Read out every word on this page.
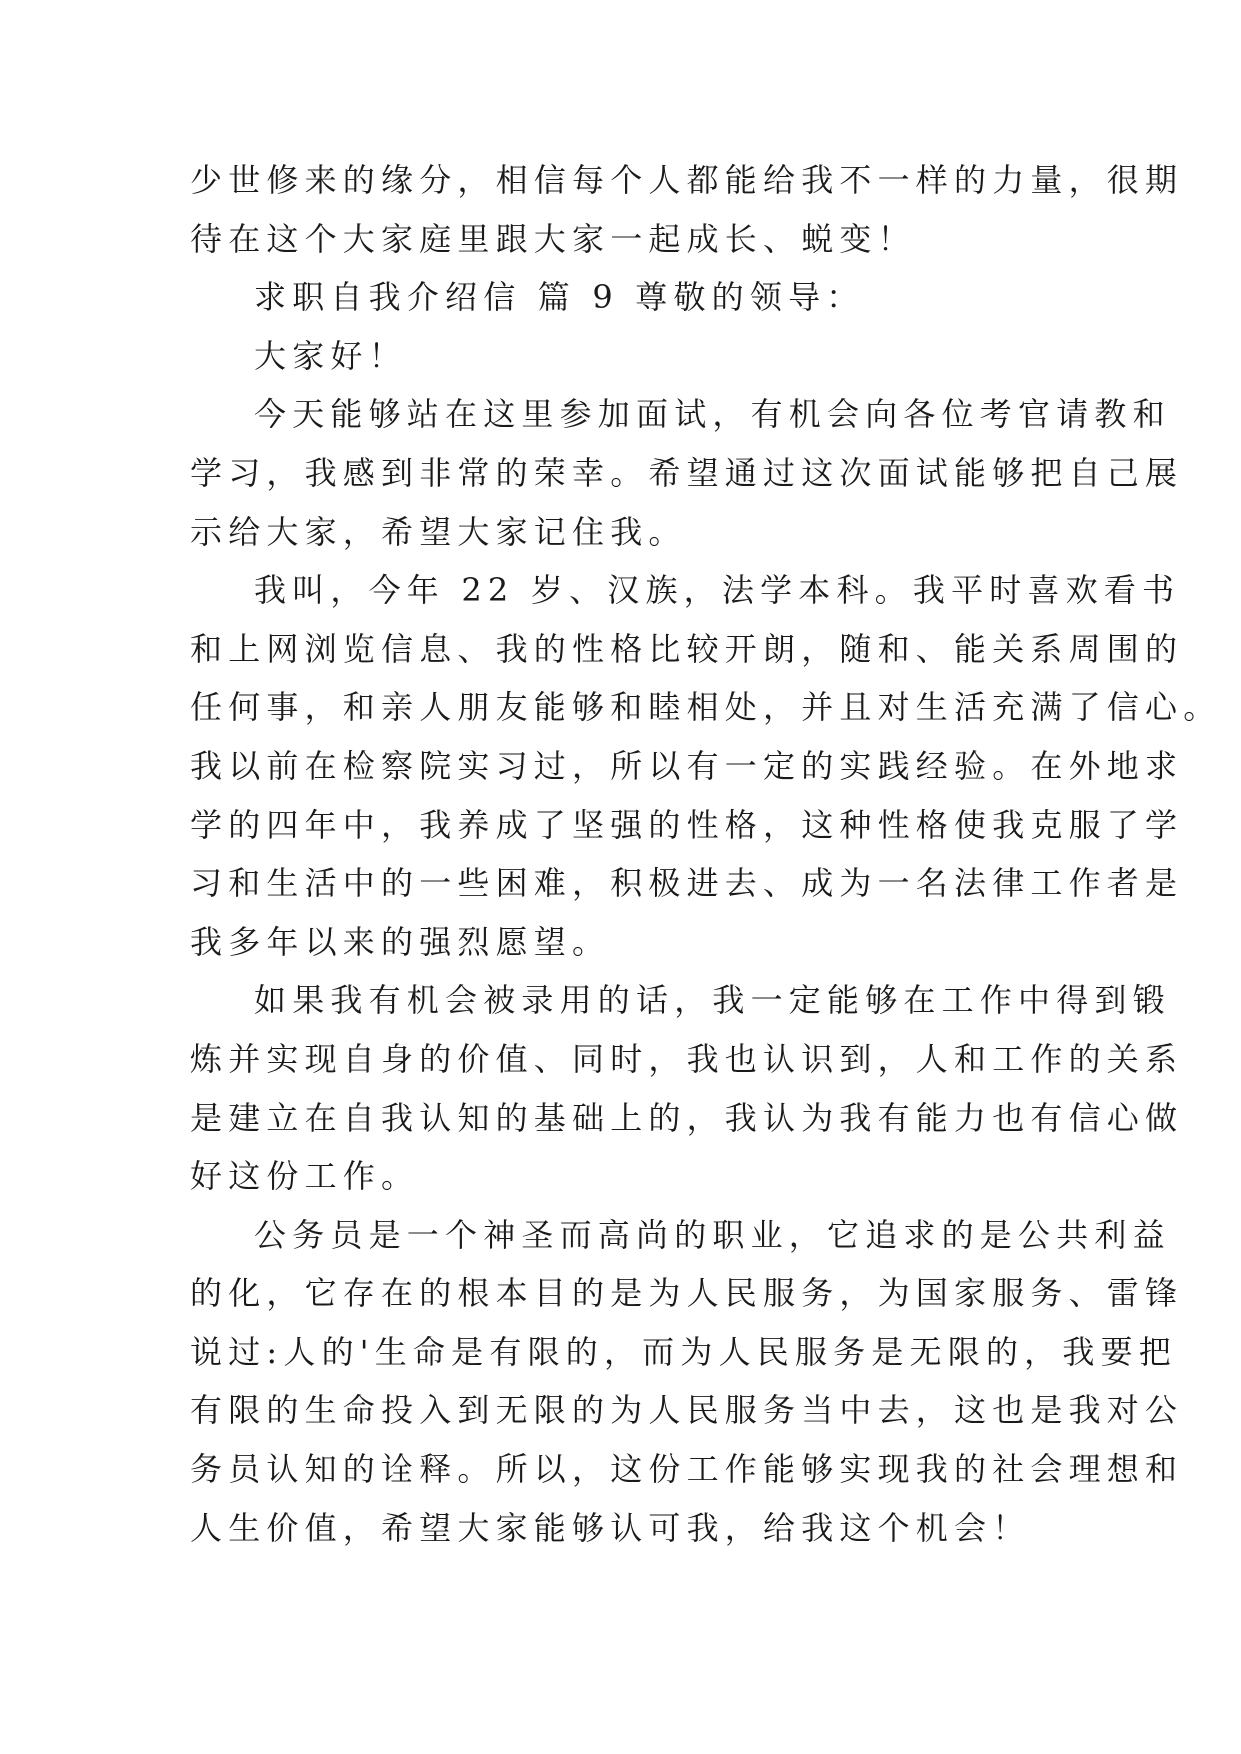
少世修来的缘分，相信每个人都能给我不一样的力量，很期
待在这个大家庭里跟大家一起成长、蜕变！
求职自我介绍信 篇 9 尊敬的领导：
大家好！
今天能够站在这里参加面试，有机会向各位考官请教和
学习，我感到非常的荣幸。希望通过这次面试能够把自己展
示给大家，希望大家记住我。
我叫，今年 22 岁、汉族，法学本科。我平时喜欢看书
和上网浏览信息、我的性格比较开朗，随和、能关系周围的
任何事，和亲人朋友能够和睦相处，并且对生活充满了信心。
我以前在检察院实习过，所以有一定的实践经验。在外地求
学的四年中，我养成了坚强的性格，这种性格使我克服了学
习和生活中的一些困难，积极进去、成为一名法律工作者是
我多年以来的强烈愿望。
如果我有机会被录用的话，我一定能够在工作中得到锻
炼并实现自身的价值、同时，我也认识到，人和工作的关系
是建立在自我认知的基础上的，我认为我有能力也有信心做
好这份工作。
公务员是一个神圣而高尚的职业，它追求的是公共利益
的化，它存在的根本目的是为人民服务，为国家服务、雷锋
说过:人的'生命是有限的，而为人民服务是无限的，我要把
有限的生命投入到无限的为人民服务当中去，这也是我对公
务员认知的诠释。所以，这份工作能够实现我的社会理想和
人生价值，希望大家能够认可我，给我这个机会！
